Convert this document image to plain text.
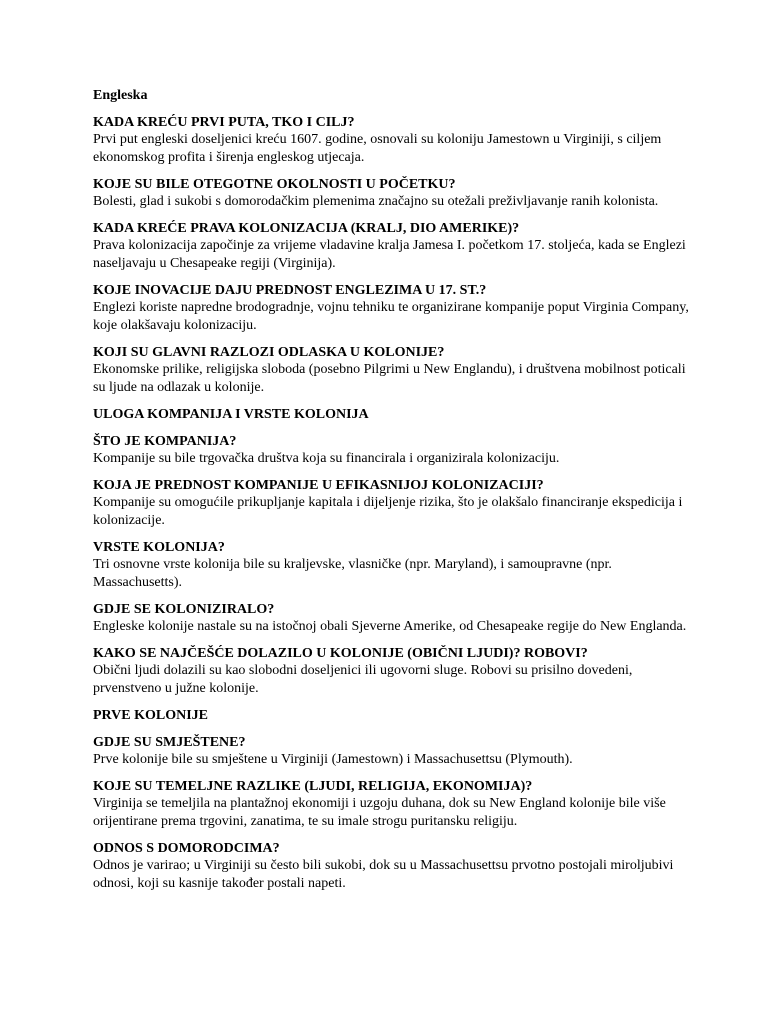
Engleska

KADA KREĆU PRVI PUTA, TKO I CILJ?

Prvi put engleski doseljenici kreću 1607. godine, osnovali su koloniju Jamestown u Virginiji, s ciljem ekonomskog profita i širenja engleskog utjecaja.

KOJE SU BILE OTEGOTNE OKOLNOSTI U POČETKU?

Bolesti, glad i sukobi s domorodačkim plemenima značajno su otežali preživljavanje ranih kolonista.

KADA KREĆE PRAVA KOLONIZACIJA (KRALJ, DIO AMERIKE)?

Prava kolonizacija započinje za vrijeme vladavine kralja Jamesa I. početkom 17. stoljeća, kada se Englezi naseljavaju u Chesapeake regiji (Virginija).

KOJE INOVACIJE DAJU PREDNOST ENGLEZIMA U 17. ST.?

Englezi koriste napredne brodogradnje, vojnu tehniku te organizirane kompanije poput Virginia Company, koje olakšavaju kolonizaciju.

KOJI SU GLAVNI RAZLOZI ODLASKA U KOLONIJE?

Ekonomske prilike, religijska sloboda (posebno Pilgrimi u New Englandu), i društvena mobilnost poticali su ljude na odlazak u kolonije.

ULOGA KOMPANIJA I VRSTE KOLONIJA

ŠTO JE KOMPANIJA?

Kompanije su bile trgovačka društva koja su financirala i organizirala kolonizaciju.

KOJA JE PREDNOST KOMPANIJE U EFIKASNIJOJ KOLONIZACIJI?

Kompanije su omogućile prikupljanje kapitala i dijeljenje rizika, što je olakšalo financiranje ekspedicija i kolonizacije.

VRSTE KOLONIJA?

Tri osnovne vrste kolonija bile su kraljevske, vlasničke (npr. Maryland), i samoupravne (npr. Massachusetts).

GDJE SE KOLONIZIRALO?

Engleske kolonije nastale su na istočnoj obali Sjeverne Amerike, od Chesapeake regije do New Englanda.

KAKO SE NAJČEŠĆE DOLAZILO U KOLONIJE (OBIČNI LJUDI)? ROBOVI?

Obični ljudi dolazili su kao slobodni doseljenici ili ugovorni sluge. Robovi su prisilno dovedeni, prvenstveno u južne kolonije.

PRVE KOLONIJE

GDJE SU SMJEŠTENE?

Prve kolonije bile su smještene u Virginiji (Jamestown) i Massachusettsu (Plymouth).

KOJE SU TEMELJNE RAZLIKE (LJUDI, RELIGIJA, EKONOMIJA)?

Virginija se temeljila na plantažnoj ekonomiji i uzgoju duhana, dok su New England kolonije bile više orijentirane prema trgovini, zanatima, te su imale strogu puritansku religiju.

ODNOS S DOMORODCIMA?

Odnos je varirao; u Virginiji su često bili sukobi, dok su u Massachusettsu prvotno postojali miroljubivi odnosi, koji su kasnije također postali napeti.
